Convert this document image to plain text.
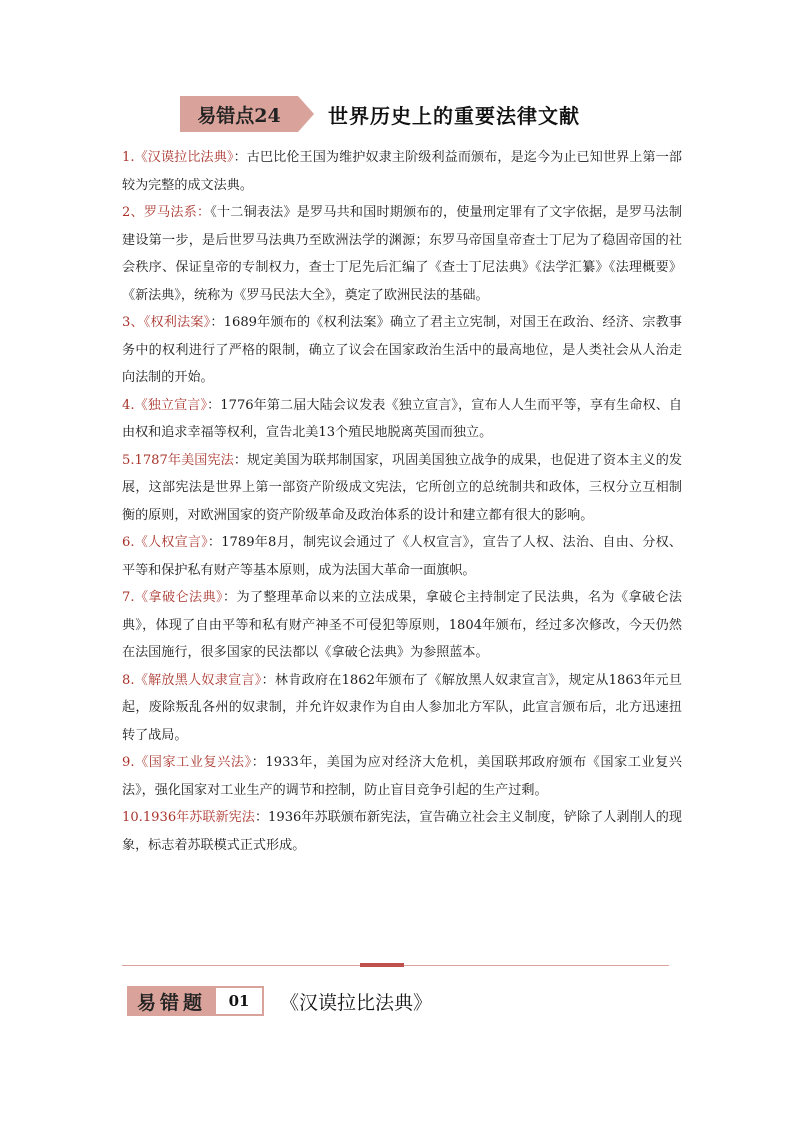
易错点24	世界历史上的重要法律文献

1.《汉谟拉比法典》：古巴比伦王国为维护奴隶主阶级利益而颁布，是迄今为止已知世界上第一部较为完整的成文法典。

2、罗马法系：《十二铜表法》是罗马共和国时期颁布的，使量刑定罪有了文字依据，是罗马法制建设第一步，是后世罗马法典乃至欧洲法学的渊源；东罗马帝国皇帝查士丁尼为了稳固帝国的社会秩序、保证皇帝的专制权力，查士丁尼先后汇编了《查士丁尼法典》《法学汇纂》《法理概要》《新法典》，统称为《罗马民法大全》，奠定了欧洲民法的基础。

3、《权利法案》：1689年颁布的《权利法案》确立了君主立宪制，对国王在政治、经济、宗教事务中的权利进行了严格的限制，确立了议会在国家政治生活中的最高地位，是人类社会从人治走向法制的开始。

4.《独立宣言》：1776年第二届大陆会议发表《独立宣言》，宣布人人生而平等，享有生命权、自由权和追求幸福等权利，宣告北美13个殖民地脱离英国而独立。

5.1787年美国宪法：规定美国为联邦制国家，巩固美国独立战争的成果，也促进了资本主义的发展，这部宪法是世界上第一部资产阶级成文宪法，它所创立的总统制共和政体，三权分立互相制衡的原则，对欧洲国家的资产阶级革命及政治体系的设计和建立都有很大的影响。

6.《人权宣言》：1789年8月，制宪议会通过了《人权宣言》，宣告了人权、法治、自由、分权、平等和保护私有财产等基本原则，成为法国大革命一面旗帜。

7.《拿破仑法典》：为了整理革命以来的立法成果，拿破仑主持制定了民法典，名为《拿破仑法典》，体现了自由平等和私有财产神圣不可侵犯等原则，1804年颁布，经过多次修改，今天仍然在法国施行，很多国家的民法都以《拿破仑法典》为参照蓝本。

8.《解放黑人奴隶宣言》：林肯政府在1862年颁布了《解放黑人奴隶宣言》，规定从1863年元旦起，废除叛乱各州的奴隶制，并允许奴隶作为自由人参加北方军队，此宣言颁布后，北方迅速扭转了战局。

9.《国家工业复兴法》：1933年，美国为应对经济大危机，美国联邦政府颁布《国家工业复兴法》，强化国家对工业生产的调节和控制，防止盲目竞争引起的生产过剩。

10.1936年苏联新宪法：1936年苏联颁布新宪法，宣告确立社会主义制度，铲除了人剥削人的现象，标志着苏联模式正式形成。

易错题	01	《汉谟拉比法典》
